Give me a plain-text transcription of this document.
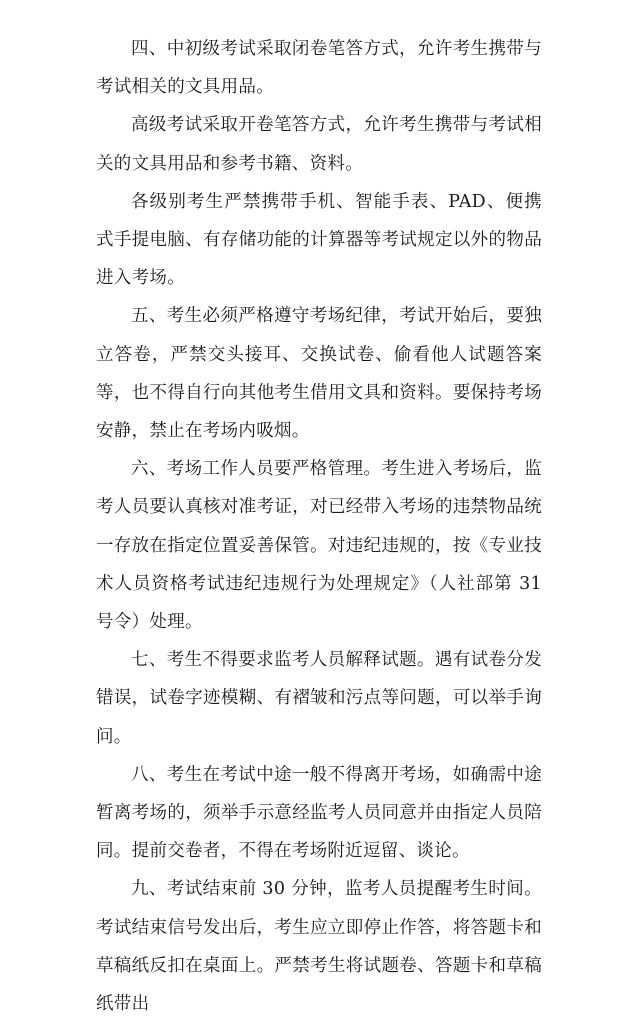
四、中初级考试采取闭卷笔答方式，允许考生携带与考试相关的文具用品。

高级考试采取开卷笔答方式，允许考生携带与考试相关的文具用品和参考书籍、资料。

各级别考生严禁携带手机、智能手表、PAD、便携式手提电脑、有存储功能的计算器等考试规定以外的物品进入考场。

五、考生必须严格遵守考场纪律，考试开始后，要独立答卷，严禁交头接耳、交换试卷、偷看他人试题答案等，也不得自行向其他考生借用文具和资料。要保持考场安静，禁止在考场内吸烟。

六、考场工作人员要严格管理。考生进入考场后，监考人员要认真核对准考证，对已经带入考场的违禁物品统一存放在指定位置妥善保管。对违纪违规的，按《专业技术人员资格考试违纪违规行为处理规定》（人社部第 31 号令）处理。

七、考生不得要求监考人员解释试题。遇有试卷分发错误，试卷字迹模糊、有褶皱和污点等问题，可以举手询问。

八、考生在考试中途一般不得离开考场，如确需中途暂离考场的，须举手示意经监考人员同意并由指定人员陪同。提前交卷者，不得在考场附近逗留、谈论。

九、考试结束前 30 分钟，监考人员提醒考生时间。考试结束信号发出后，考生应立即停止作答，将答题卡和草稿纸反扣在桌面上。严禁考生将试题卷、答题卡和草稿纸带出
